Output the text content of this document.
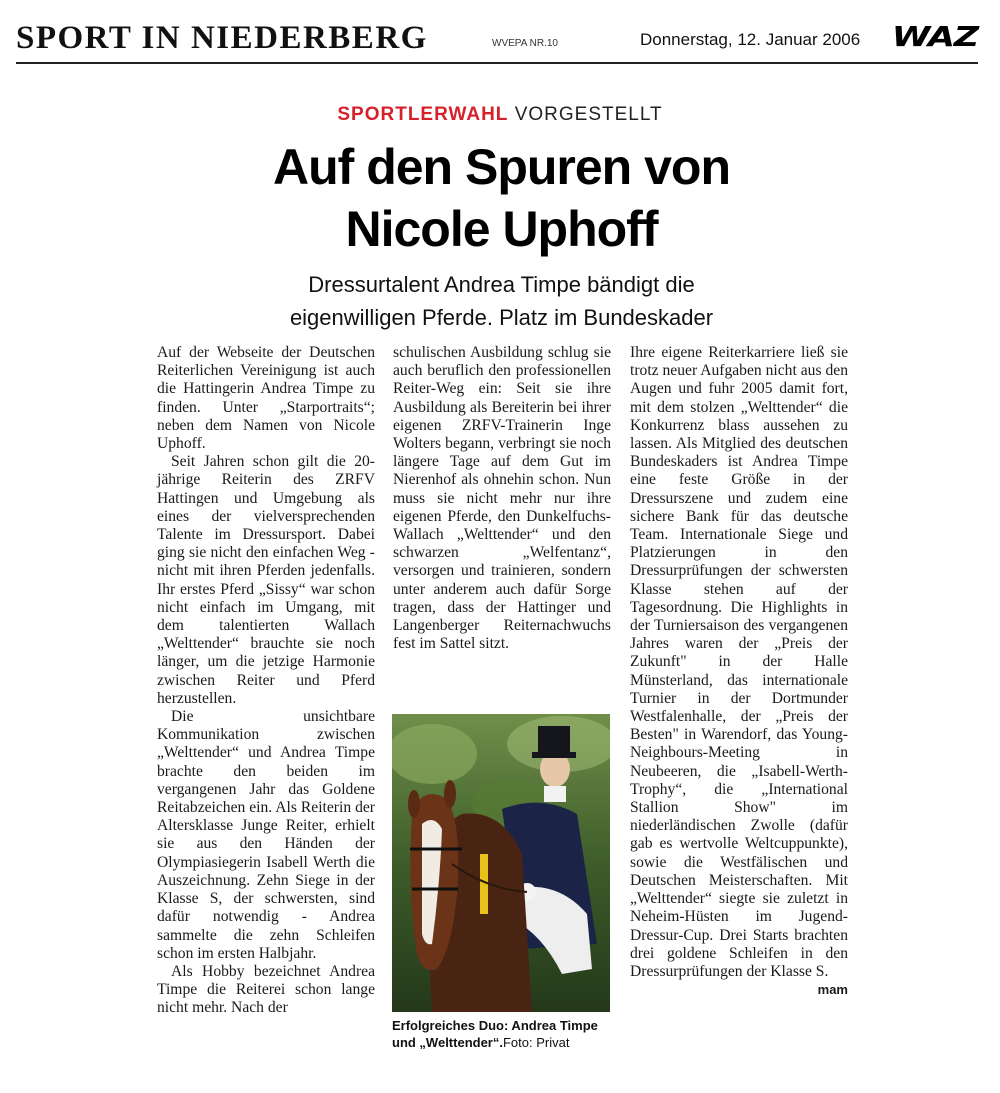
SPORT IN NIEDERBERG	WVEPA NR.10	Donnerstag, 12. Januar 2006 WAZ
SPORTLERWAHL VORGESTELLT
Auf den Spuren von
Nicole Uphoff
Dressurtalent Andrea Timpe bändigt die
eigenwilligen Pferde. Platz im Bundeskader

Auf der Webseite der Deutschen Reiterlichen Vereinigung ist auch die Hattingerin Andrea Timpe zu finden. Unter „Starportraits“; neben dem Namen von Nicole Uphoff.

Seit Jahren schon gilt die 20-jährige Reiterin des ZRFV Hattingen und Umgebung als eines der vielversprechenden Talente im Dressursport. Dabei ging sie nicht den einfachen Weg - nicht mit ihren Pferden jedenfalls. Ihr erstes Pferd „Sissy“ war schon nicht einfach im Umgang, mit dem talentierten Wallach „Welttender“ brauchte sie noch länger, um die jetzige Harmonie zwischen Reiter und Pferd herzustellen.

Die unsichtbare Kommunikation zwischen „Welttender“ und Andrea Timpe brachte den beiden im vergangenen Jahr das Goldene Reitabzeichen ein. Als Reiterin der Altersklasse Junge Reiter, erhielt sie aus den Händen der Olympiasiegerin Isabell Werth die Auszeichnung. Zehn Siege in der Klasse S, der schwersten, sind dafür notwendig - Andrea sammelte die zehn Schleifen schon im ersten Halbjahr.

Als Hobby bezeichnet Andrea Timpe die Reiterei schon lange nicht mehr. Nach der

schulischen Ausbildung schlug sie auch beruflich den professionellen Reiter-Weg ein: Seit sie ihre Ausbildung als Bereiterin bei ihrer eigenen ZRFV-Trainerin Inge Wolters begann, verbringt sie noch längere Tage auf dem Gut im Nierenhof als ohnehin schon. Nun muss sie nicht mehr nur ihre eigenen Pferde, den Dunkelfuchs-Wallach „Welttender“ und den schwarzen „Welfentanz“, versorgen und trainieren, sondern unter anderem auch dafür Sorge tragen, dass der Hattinger und Langenberger Reiternachwuchs fest im Sattel sitzt.

Erfolgreiches Duo: Andrea Timpe und „Welttender“.Foto: Privat

Ihre eigene Reiterkarriere ließ sie trotz neuer Aufgaben nicht aus den Augen und fuhr 2005 damit fort, mit dem stolzen „Welttender“ die Konkurrenz blass aussehen zu lassen. Als Mitglied des deutschen Bundeskaders ist Andrea Timpe eine feste Größe in der Dressurszene und zudem eine sichere Bank für das deutsche Team. Internationale Siege und Platzierungen in den Dressurprüfungen der schwersten Klasse stehen auf der Tagesordnung. Die Highlights in der Turniersaison des vergangenen Jahres waren der „Preis der Zukunft" in der Halle Münsterland, das internationale Turnier in der Dortmunder Westfalenhalle, der „Preis der Besten" in Warendorf, das Young-Neighbours-Meeting in Neubeeren, die „Isabell-Werth-Trophy“, die „International Stallion Show" im niederländischen Zwolle (dafür gab es wertvolle Weltcuppunkte), sowie die Westfälischen und Deutschen Meisterschaften. Mit „Welttender“ siegte sie zuletzt in Neheim-Hüsten im Jugend-Dressur-Cup. Drei Starts brachten drei goldene Schleifen in den Dressurprüfungen der Klasse S.

mam
